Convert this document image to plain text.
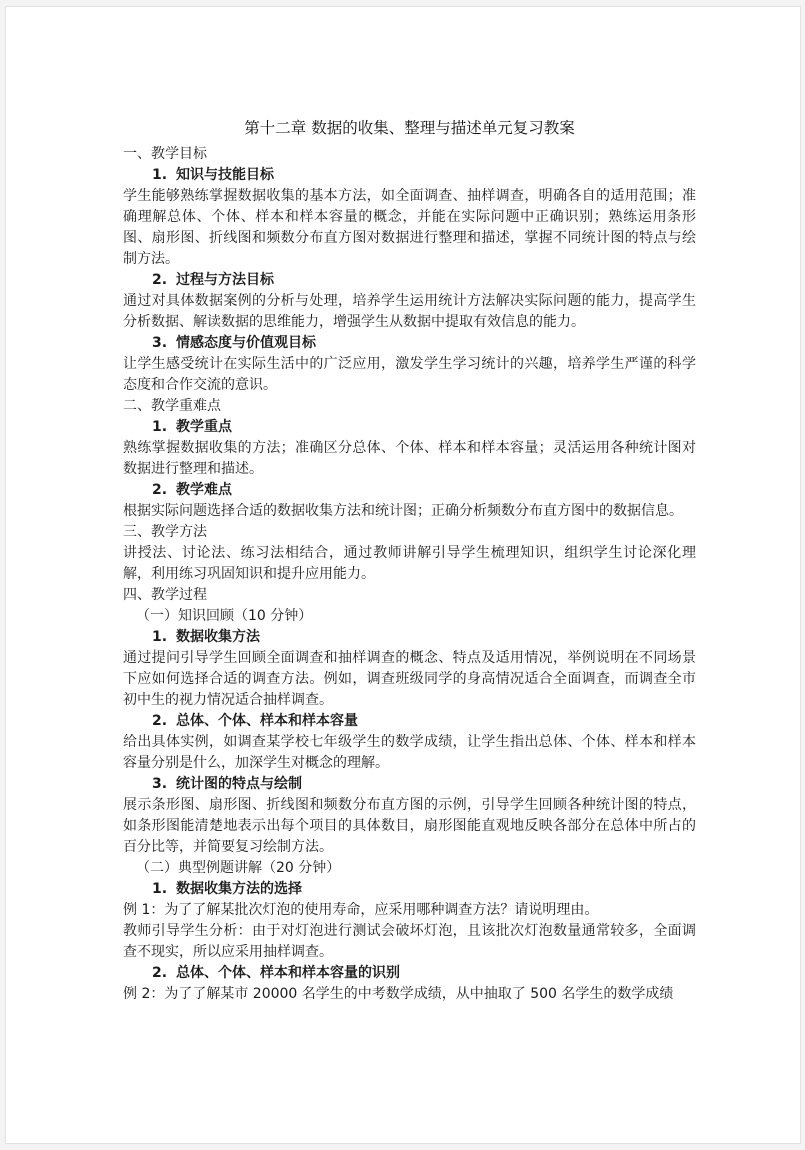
第十二章 数据的收集、整理与描述单元复习教案

一、教学目标

1. 知识与技能目标

学生能够熟练掌握数据收集的基本方法，如全面调查、抽样调查，明确各自的适用范围；准确理解总体、个体、样本和样本容量的概念，并能在实际问题中正确识别；熟练运用条形图、扇形图、折线图和频数分布直方图对数据进行整理和描述，掌握不同统计图的特点与绘制方法。

2. 过程与方法目标

通过对具体数据案例的分析与处理，培养学生运用统计方法解决实际问题的能力，提高学生分析数据、解读数据的思维能力，增强学生从数据中提取有效信息的能力。

3. 情感态度与价值观目标

让学生感受统计在实际生活中的广泛应用，激发学生学习统计的兴趣，培养学生严谨的科学态度和合作交流的意识。

二、教学重难点

1. 教学重点

熟练掌握数据收集的方法；准确区分总体、个体、样本和样本容量；灵活运用各种统计图对数据进行整理和描述。

2. 教学难点

根据实际问题选择合适的数据收集方法和统计图；正确分析频数分布直方图中的数据信息。

三、教学方法

讲授法、讨论法、练习法相结合，通过教师讲解引导学生梳理知识，组织学生讨论深化理解，利用练习巩固知识和提升应用能力。

四、教学过程

（一）知识回顾（10 分钟）

1. 数据收集方法

通过提问引导学生回顾全面调查和抽样调查的概念、特点及适用情况，举例说明在不同场景下应如何选择合适的调查方法。例如，调查班级同学的身高情况适合全面调查，而调查全市初中生的视力情况适合抽样调查。

2. 总体、个体、样本和样本容量

给出具体实例，如调查某学校七年级学生的数学成绩，让学生指出总体、个体、样本和样本容量分别是什么，加深学生对概念的理解。

3. 统计图的特点与绘制

展示条形图、扇形图、折线图和频数分布直方图的示例，引导学生回顾各种统计图的特点，如条形图能清楚地表示出每个项目的具体数目，扇形图能直观地反映各部分在总体中所占的百分比等，并简要复习绘制方法。

（二）典型例题讲解（20 分钟）

1. 数据收集方法的选择

例 1：为了了解某批次灯泡的使用寿命，应采用哪种调查方法？请说明理由。

教师引导学生分析：由于对灯泡进行测试会破坏灯泡，且该批次灯泡数量通常较多，全面调查不现实，所以应采用抽样调查。

2. 总体、个体、样本和样本容量的识别

例 2：为了了解某市 20000 名学生的中考数学成绩，从中抽取了 500 名学生的数学成绩
